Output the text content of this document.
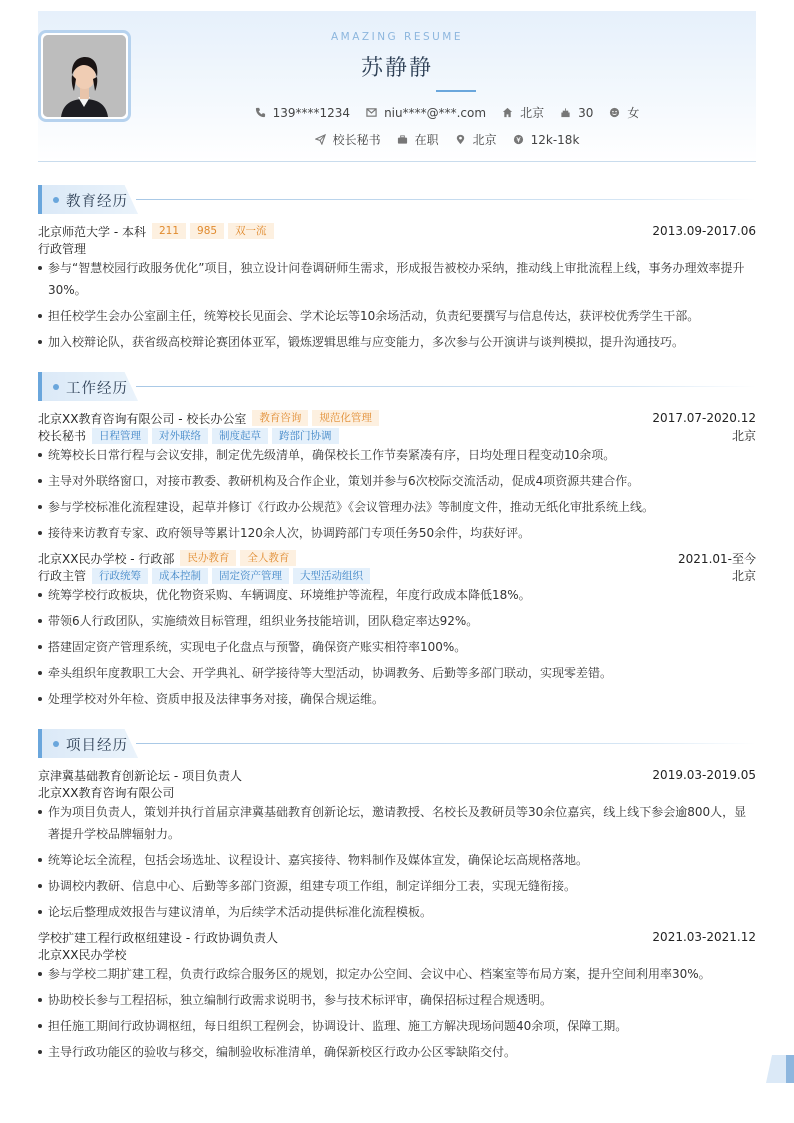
AMAZING RESUME
苏静静
139****1234	niu****@***.com	北京	30	女
校长秘书	在职	北京	12k-18k
教育经历
北京师范大学 - 本科	211	985	双一流	2013.09-2017.06
行政管理
参与“智慧校园行政服务优化”项目，独立设计问卷调研师生需求，形成报告被校办采纳，推动线上审批流程上线，事务办理效率提升
30%。
担任校学生会办公室副主任，统筹校长见面会、学术论坛等10余场活动，负责纪要撰写与信息传达，获评校优秀学生干部。
加入校辩论队，获省级高校辩论赛团体亚军，锻炼逻辑思维与应变能力，多次参与公开演讲与谈判模拟，提升沟通技巧。
工作经历
北京XX教育咨询有限公司 - 校长办公室	教育咨询	规范化管理	2017.07-2020.12
校长秘书	日程管理	对外联络	制度起草	跨部门协调	北京
统筹校长日常行程与会议安排，制定优先级清单，确保校长工作节奏紧凑有序，日均处理日程变动10余项。
主导对外联络窗口，对接市教委、教研机构及合作企业，策划并参与6次校际交流活动，促成4项资源共建合作。
参与学校标准化流程建设，起草并修订《行政办公规范》《会议管理办法》等制度文件，推动无纸化审批系统上线。
接待来访教育专家、政府领导等累计120余人次，协调跨部门专项任务50余件，均获好评。
北京XX民办学校 - 行政部	民办教育	全人教育	2021.01-至今
行政主管	行政统筹	成本控制	固定资产管理	大型活动组织	北京
统筹学校行政板块，优化物资采购、车辆调度、环境维护等流程，年度行政成本降低18%。
带领6人行政团队，实施绩效目标管理，组织业务技能培训，团队稳定率达92%。
搭建固定资产管理系统，实现电子化盘点与预警，确保资产账实相符率100%。
牵头组织年度教职工大会、开学典礼、研学接待等大型活动，协调教务、后勤等多部门联动，实现零差错。
处理学校对外年检、资质申报及法律事务对接，确保合规运维。
项目经历
京津冀基础教育创新论坛 - 项目负责人	2019.03-2019.05
北京XX教育咨询有限公司
作为项目负责人，策划并执行首届京津冀基础教育创新论坛，邀请教授、名校长及教研员等30余位嘉宾，线上线下参会逾800人，显
著提升学校品牌辐射力。
统筹论坛全流程，包括会场选址、议程设计、嘉宾接待、物料制作及媒体宣发，确保论坛高规格落地。
协调校内教研、信息中心、后勤等多部门资源，组建专项工作组，制定详细分工表，实现无缝衔接。
论坛后整理成效报告与建议清单，为后续学术活动提供标准化流程模板。
学校扩建工程行政枢纽建设 - 行政协调负责人	2021.03-2021.12
北京XX民办学校
参与学校二期扩建工程，负责行政综合服务区的规划，拟定办公空间、会议中心、档案室等布局方案，提升空间利用率30%。
协助校长参与工程招标，独立编制行政需求说明书，参与技术标评审，确保招标过程合规透明。
担任施工期间行政协调枢纽，每日组织工程例会，协调设计、监理、施工方解决现场问题40余项，保障工期。
主导行政功能区的验收与移交，编制验收标准清单，确保新校区行政办公区零缺陷交付。
